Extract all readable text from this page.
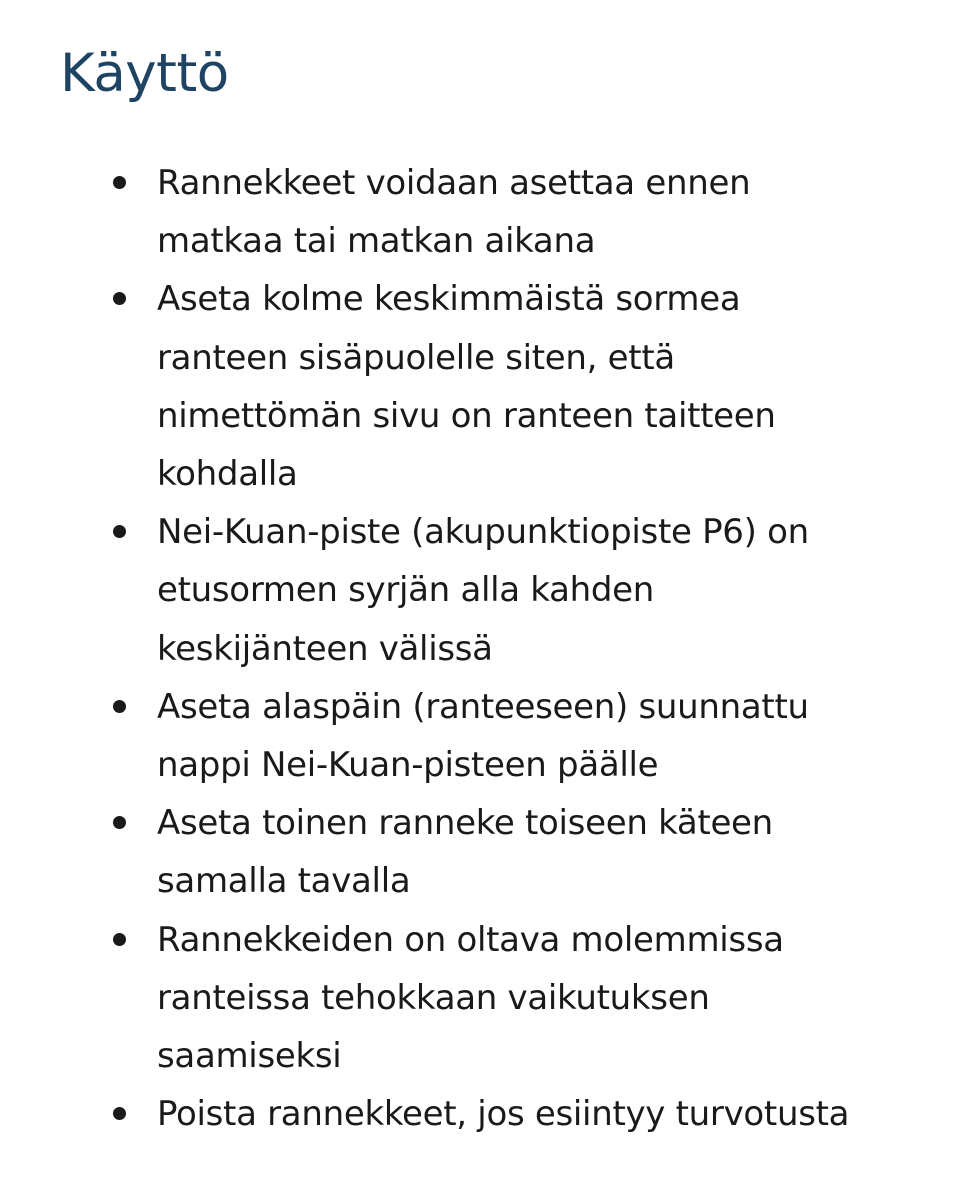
Käyttö
Rannekkeet voidaan asettaa ennen
matkaa tai matkan aikana
Aseta kolme keskimmäistä sormea
ranteen sisäpuolelle siten, että
nimettömän sivu on ranteen taitteen
kohdalla
Nei-Kuan-piste (akupunktiopiste P6) on
etusormen syrjän alla kahden
keskijänteen välissä
Aseta alaspäin (ranteeseen) suunnattu
nappi Nei-Kuan-pisteen päälle
Aseta toinen ranneke toiseen käteen
samalla tavalla
Rannekkeiden on oltava molemmissa
ranteissa tehokkaan vaikutuksen
saamiseksi
Poista rannekkeet, jos esiintyy turvotusta
